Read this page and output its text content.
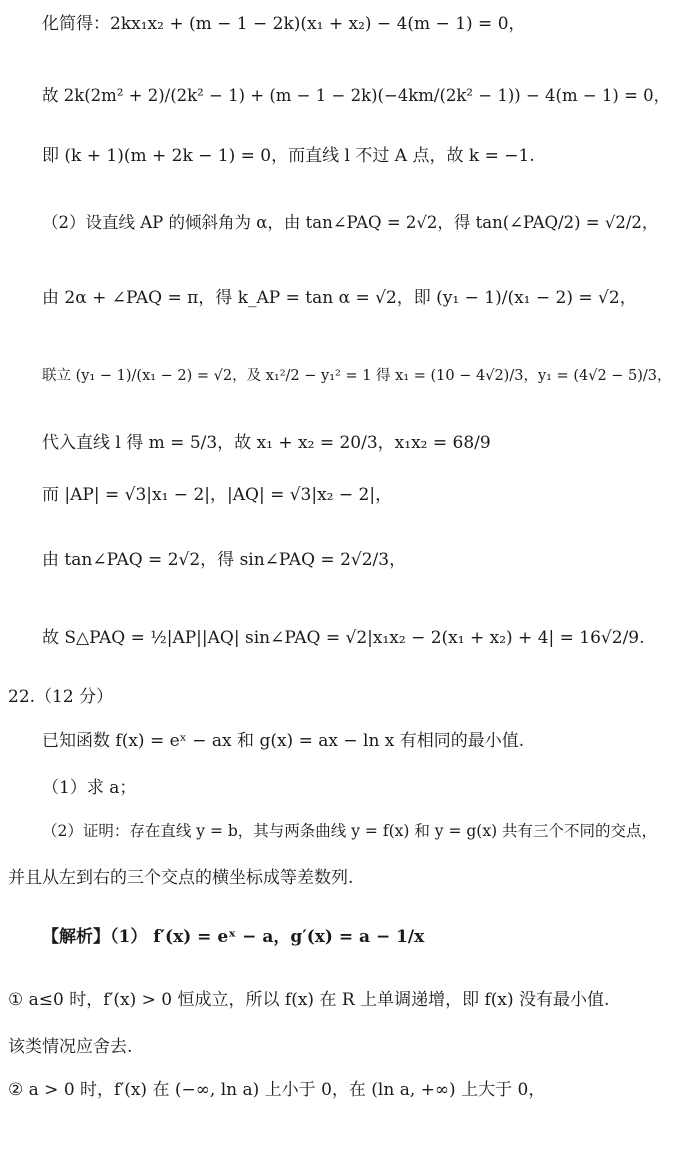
化简得：2kx₁x₂ + (m − 1 − 2k)(x₁ + x₂) − 4(m − 1) = 0，
故 2k(2m² + 2)/(2k² − 1) + (m − 1 − 2k)(−4km/(2k² − 1)) − 4(m − 1) = 0，
即 (k + 1)(m + 2k − 1) = 0，而直线 l 不过 A 点，故 k = −1.
（2）设直线 AP 的倾斜角为 α，由 tan∠PAQ = 2√2，得 tan(∠PAQ/2) = √2/2，
由 2α + ∠PAQ = π，得 k_AP = tan α = √2，即 (y₁ − 1)/(x₁ − 2) = √2，
联立 (y₁ − 1)/(x₁ − 2) = √2，及 x₁²/2 − y₁² = 1 得 x₁ = (10 − 4√2)/3，y₁ = (4√2 − 5)/3，
代入直线 l 得 m = 5/3，故 x₁ + x₂ = 20/3，x₁x₂ = 68/9
而 |AP| = √3|x₁ − 2|，|AQ| = √3|x₂ − 2|，
由 tan∠PAQ = 2√2，得 sin∠PAQ = 2√2/3，
故 S△PAQ = ½|AP||AQ| sin∠PAQ = √2|x₁x₂ − 2(x₁ + x₂) + 4| = 16√2/9.
22.（12 分）
已知函数 f(x) = eˣ − ax 和 g(x) = ax − ln x 有相同的最小值.
（1）求 a；
（2）证明：存在直线 y = b，其与两条曲线 y = f(x) 和 y = g(x) 共有三个不同的交点，
并且从左到右的三个交点的横坐标成等差数列.
【解析】（1） f′(x) = eˣ − a，g′(x) = a − 1/x
① a≤0 时，f′(x) > 0 恒成立，所以 f(x) 在 R 上单调递增，即 f(x) 没有最小值.
该类情况应舍去.
② a > 0 时，f′(x) 在 (−∞, ln a) 上小于 0，在 (ln a, +∞) 上大于 0，
